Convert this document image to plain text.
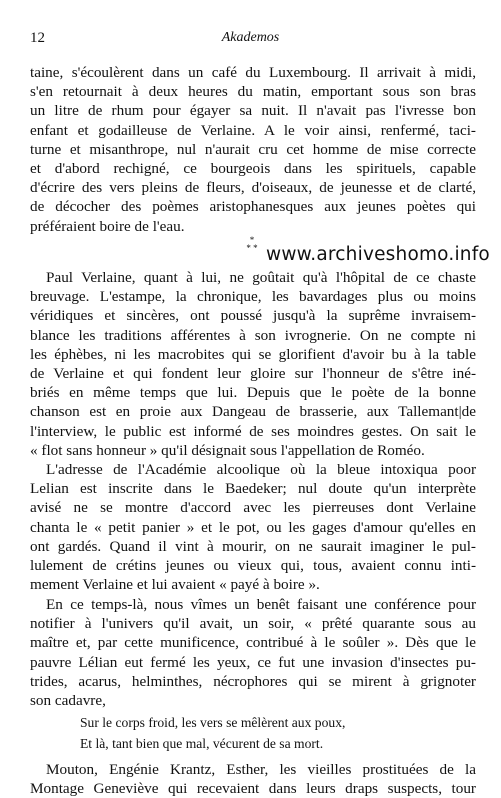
12	Akademos
taine, s'écoulèrent dans un café du Luxembourg. Il arrivait à midi,
s'en retournait à deux heures du matin, emportant sous son bras
un litre de rhum pour égayer sa nuit. Il n'avait pas l'ivresse bon
enfant et godailleuse de Verlaine. A le voir ainsi, renfermé, taci-
turne et misanthrope, nul n'aurait cru cet homme de mise correcte
et d'abord rechigné, ce bourgeois dans les spirituels, capable
d'écrire des vers pleins de fleurs, d'oiseaux, de jeunesse et de clarté,
de décocher des poèmes aristophanesques aux jeunes poètes qui
préféraient boire de l'eau.
www.archiveshomo.info
*
* *
Paul Verlaine, quant à lui, ne goûtait qu'à l'hôpital de ce chaste
breuvage. L'estampe, la chronique, les bavardages plus ou moins
véridiques et sincères, ont poussé jusqu'à la suprême invraisem-
blance les traditions afférentes à son ivrognerie. On ne compte ni
les éphèbes, ni les macrobites qui se glorifient d'avoir bu à la table
de Verlaine et qui fondent leur gloire sur l'honneur de s'être iné-
briés en même temps que lui. Depuis que le poète de la bonne
chanson est en proie aux Dangeau de brasserie, aux Tallemant|de
l'interview, le public est informé de ses moindres gestes. On sait le
« flot sans honneur » qu'il désignait sous l'appellation de Roméo.
L'adresse de l'Académie alcoolique où la bleue intoxiqua poor
Lelian est inscrite dans le Baedeker; nul doute qu'un interprète
avisé ne se montre d'accord avec les pierreuses dont Verlaine
chanta le « petit panier » et le pot, ou les gages d'amour qu'elles en
ont gardés. Quand il vint à mourir, on ne saurait imaginer le pul-
lulement de crétins jeunes ou vieux qui, tous, avaient connu inti-
mement Verlaine et lui avaient « payé à boire ».
En ce temps-là, nous vîmes un benêt faisant une conférence pour
notifier à l'univers qu'il avait, un soir, « prêté quarante sous au
maître et, par cette munificence, contribué à le soûler ». Dès que le
pauvre Lélian eut fermé les yeux, ce fut une invasion d'insectes pu-
trides, acarus, helminthes, nécrophores qui se mirent à grignoter
son cadavre,
Sur le corps froid, les vers se mêlèrent aux poux,
Et là, tant bien que mal, vécurent de sa mort.
Mouton, Engénie Krantz, Esther, les vieilles prostituées de la
Montage Geneviève qui recevaient dans leurs draps suspects, tour
